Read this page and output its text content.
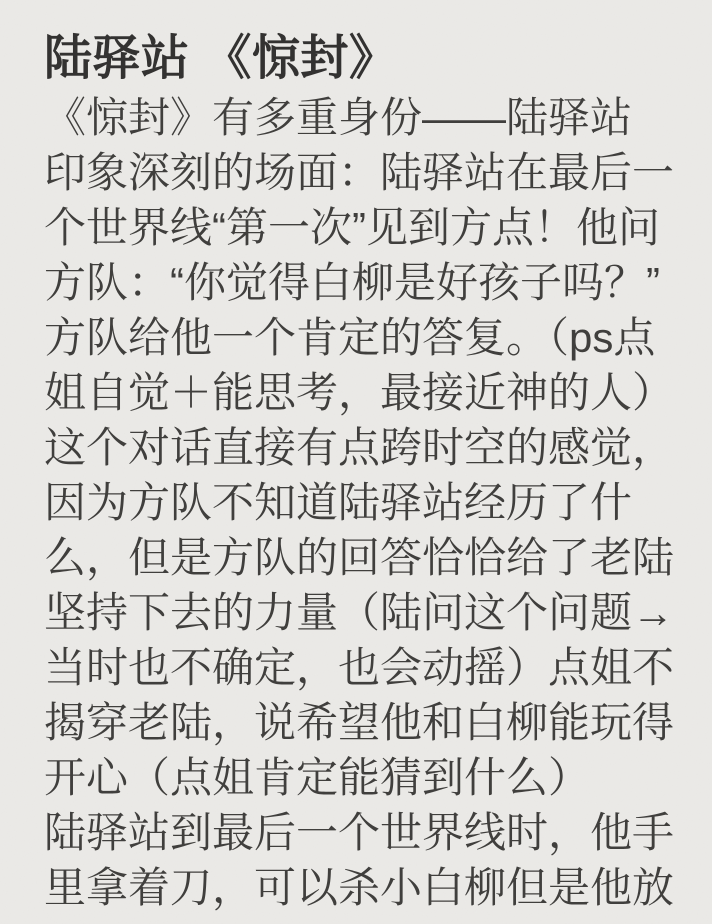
陆驿站 《惊封》
《惊封》有多重身份——陆驿站
印象深刻的场面：陆驿站在最后一
个世界线“第一次”见到方点！他问
方队：“你觉得白柳是好孩子吗？”
方队给他一个肯定的答复。（ps点
姐自觉＋能思考，最接近神的人）
这个对话直接有点跨时空的感觉，
因为方队不知道陆驿站经历了什
么，但是方队的回答恰恰给了老陆
坚持下去的力量（陆问这个问题→
当时也不确定，也会动摇）点姐不
揭穿老陆，说希望他和白柳能玩得
开心（点姐肯定能猜到什么）
陆驿站到最后一个世界线时，他手
里拿着刀，可以杀小白柳但是他放
